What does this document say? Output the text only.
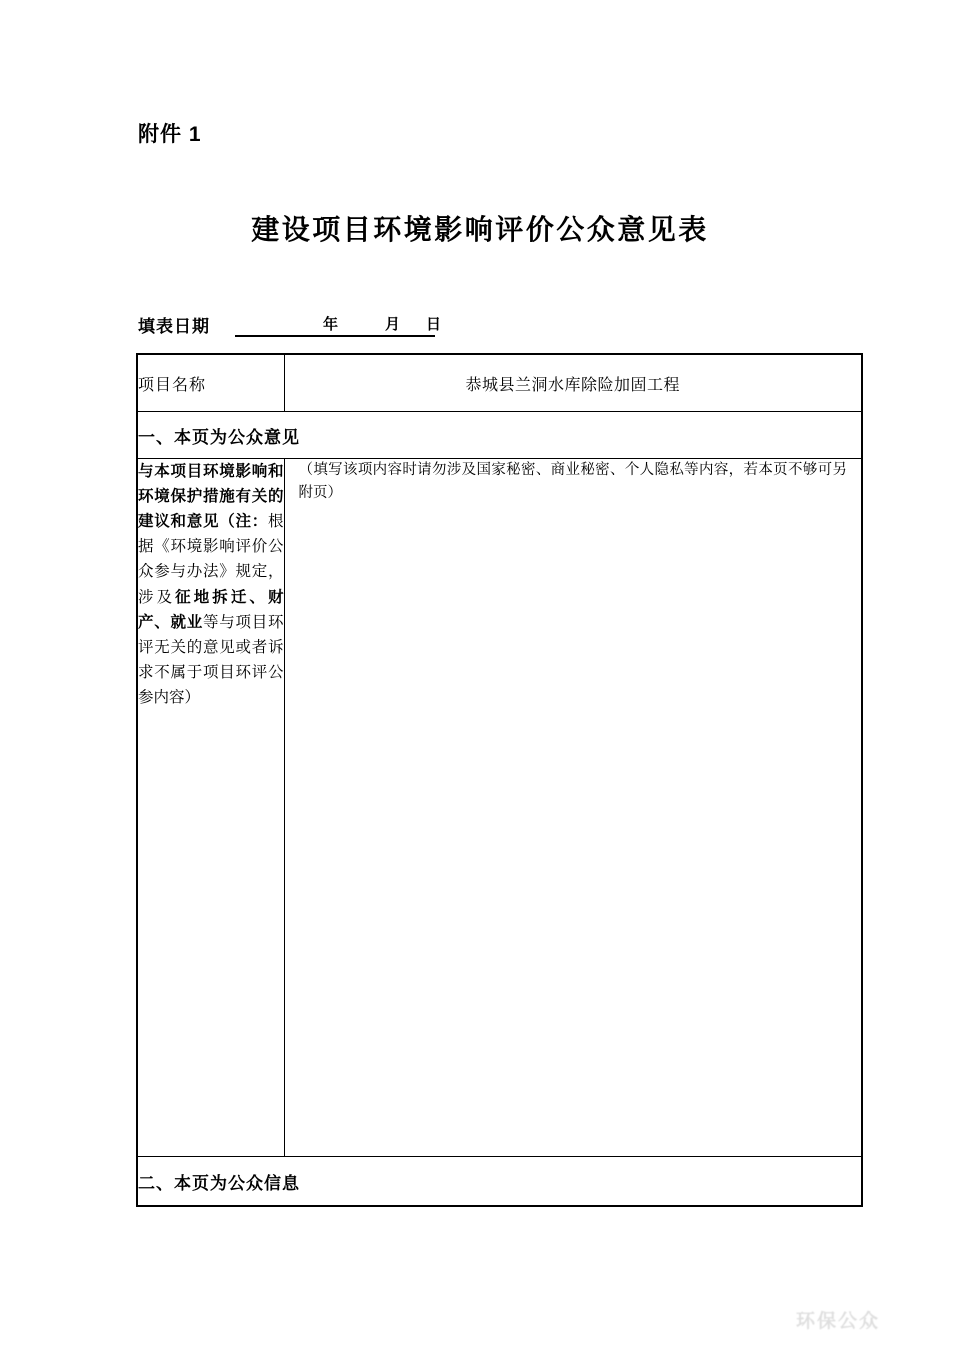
附件 1
建设项目环境影响评价公众意见表
填表日期	年	月 日
项目名称	恭城县兰洞水库除险加固工程
一、本页为公众意见	

与本项目环境影响和环境保护措施有关的建议和意见（注：根据《环境影响评价公众参与办法》规定，涉及征地拆迁、财产、就业等与项目环评无关的意见或者诉求不属于项目环评公参内容）	（填写该项内容时请勿涉及国家秘密、商业秘密、个人隐私等内容，若本页不够可另附页）

二、本页为公众信息	
环保公众
